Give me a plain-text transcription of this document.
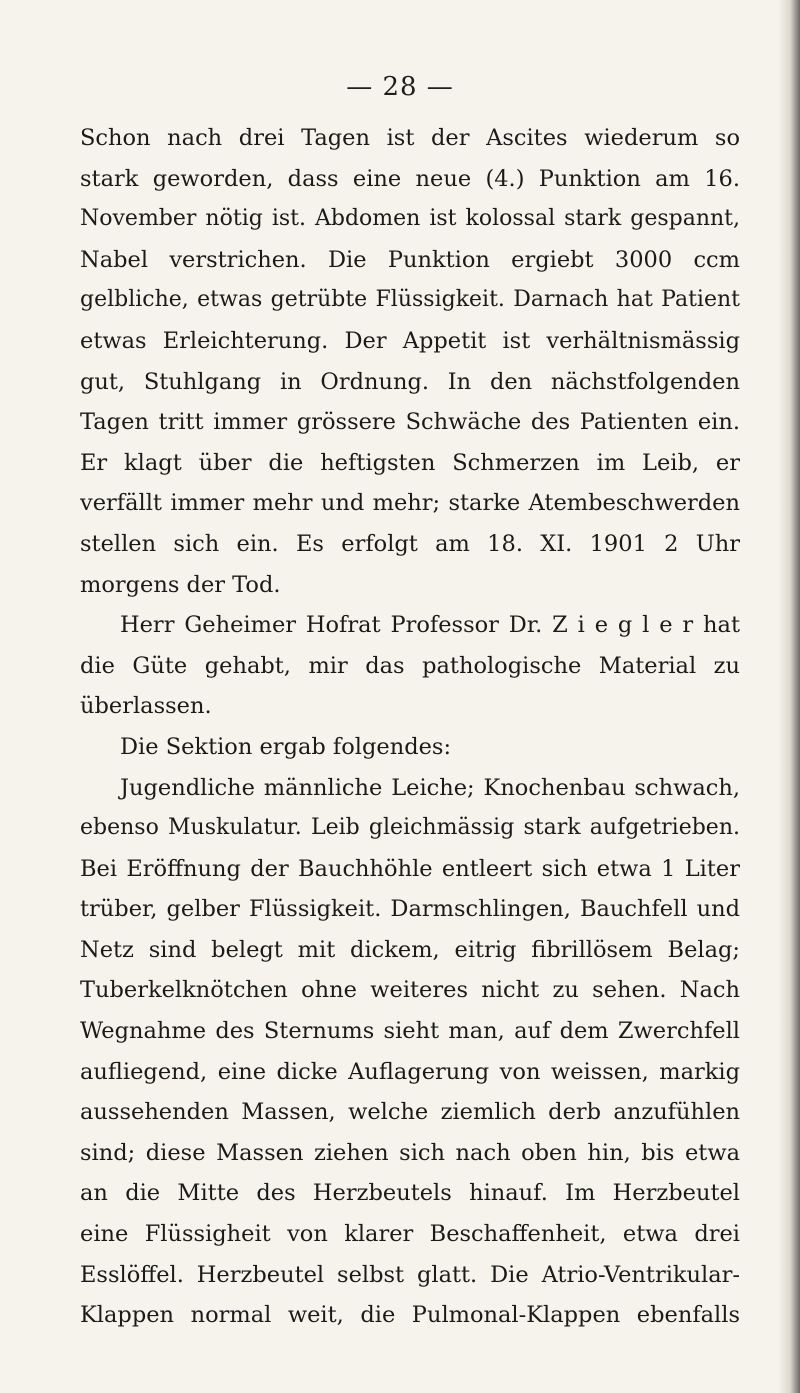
— 28 —
Schon nach drei Tagen ist der Ascites wiederum so
stark geworden, dass eine neue (4.) Punktion am 16.
November nötig ist. Abdomen ist kolossal stark gespannt,
Nabel verstrichen. Die Punktion ergiebt 3000 ccm
gelbliche, etwas getrübte Flüssigkeit. Darnach hat Patient
etwas Erleichterung. Der Appetit ist verhältnismässig
gut, Stuhlgang in Ordnung. In den nächstfolgenden
Tagen tritt immer grössere Schwäche des Patienten ein.
Er klagt über die heftigsten Schmerzen im Leib, er
verfällt immer mehr und mehr; starke Atembeschwerden
stellen sich ein. Es erfolgt am 18. XI. 1901 2 Uhr
morgens der Tod.
Herr Geheimer Hofrat Professor Dr. Z i e g l e r hat
die Güte gehabt, mir das pathologische Material zu
überlassen.
Die Sektion ergab folgendes:
Jugendliche männliche Leiche; Knochenbau schwach,
ebenso Muskulatur. Leib gleichmässig stark aufgetrieben.
Bei Eröffnung der Bauchhöhle entleert sich etwa 1 Liter
trüber, gelber Flüssigkeit. Darmschlingen, Bauchfell und
Netz sind belegt mit dickem, eitrig fibrillösem Belag;
Tuberkelknötchen ohne weiteres nicht zu sehen. Nach
Wegnahme des Sternums sieht man, auf dem Zwerchfell
aufliegend, eine dicke Auflagerung von weissen, markig
aussehenden Massen, welche ziemlich derb anzufühlen
sind; diese Massen ziehen sich nach oben hin, bis etwa
an die Mitte des Herzbeutels hinauf. Im Herzbeutel
eine Flüssigheit von klarer Beschaffenheit, etwa drei
Esslöffel. Herzbeutel selbst glatt. Die Atrio-Ventrikular-
Klappen normal weit, die Pulmonal-Klappen ebenfalls
